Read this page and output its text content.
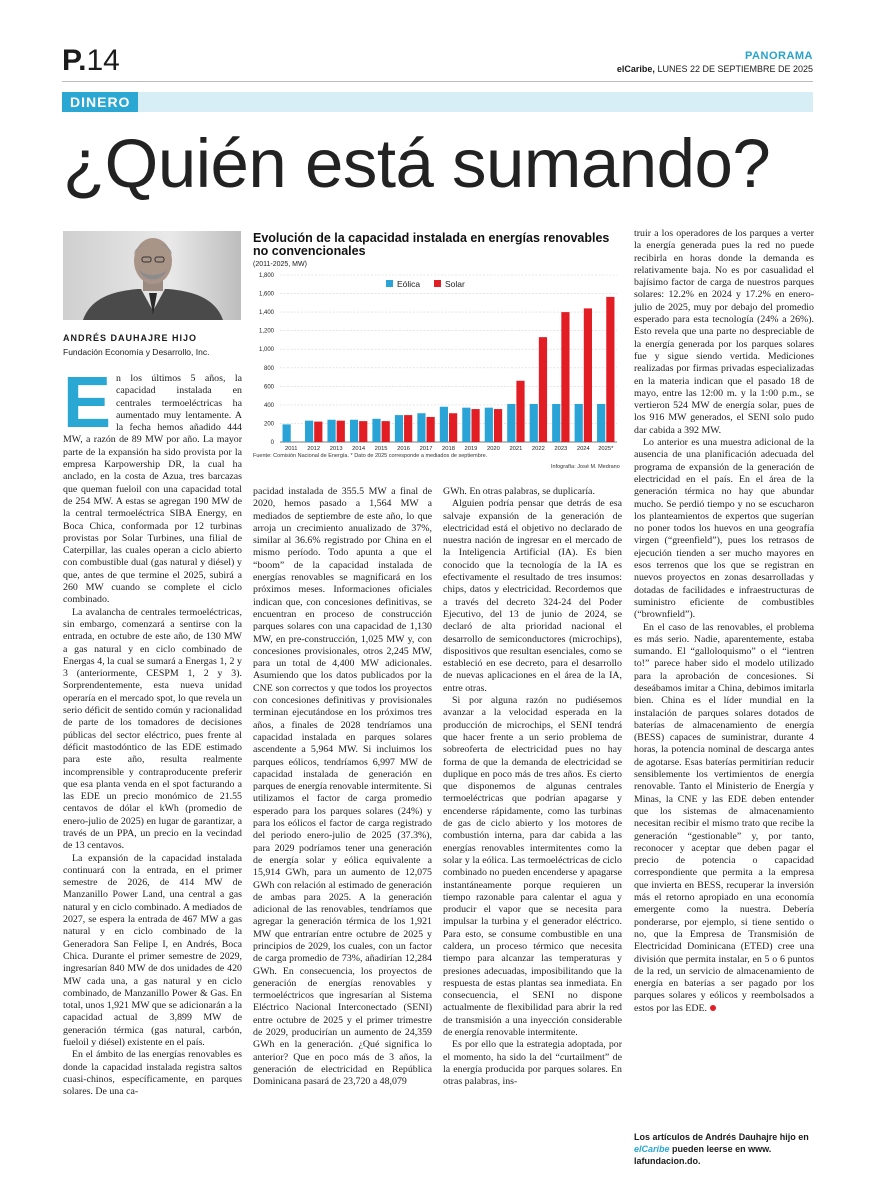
P.14	PANORAMA
elCaribe, LUNES 22 DE SEPTIEMBRE DE 2025
DINERO
¿Quién está sumando?
ANDRÉS DAUHAJRE HIJO
Fundación Economía y Desarrollo, Inc.
E n los últimos 5 años, la capacidad instalada en centrales termoeléctricas ha aumentado muy lentamente. A la fecha hemos añadido 444 MW, a razón de 89 MW por año. La mayor parte de la expansión ha sido provista por la empresa Karpowership DR, la cual ha anclado, en la costa de Azua, tres barcazas que queman fueloil con una capacidad total de 254 MW. A estas se agregan 190 MW de la central termoeléctrica SIBA Energy, en Boca Chica, conformada por 12 turbinas provistas por Solar Turbines, una filial de Caterpillar, las cuales operan a ciclo abierto con combustible dual (gas natural y diésel) y que, antes de que termine el 2025, subirá a 260 MW cuando se complete el ciclo combinado.

La avalancha de centrales termoeléctricas, sin embargo, comenzará a sentirse con la entrada, en octubre de este año, de 130 MW a gas natural y en ciclo combinado de Energas 4, la cual se sumará a Energas 1, 2 y 3 (anteriormente, CESPM 1, 2 y 3). Sorprendentemente, esta nueva unidad operaría en el mercado spot, lo que revela un serio déficit de sentido común y racionalidad de parte de los tomadores de decisiones públicas del sector eléctrico, pues frente al déficit mastodóntico de las EDE estimado para este año, resulta realmente incomprensible y contraproducente preferir que esa planta venda en el spot facturando a las EDE un precio monómico de 21.55 centavos de dólar el kWh (promedio de enero-julio de 2025) en lugar de garantizar, a través de un PPA, un precio en la vecindad de 13 centavos.

La expansión de la capacidad instalada continuará con la entrada, en el primer semestre de 2026, de 414 MW de Manzanillo Power Land, una central a gas natural y en ciclo combinado. A mediados de 2027, se espera la entrada de 467 MW a gas natural y en ciclo combinado de la Generadora San Felipe I, en Andrés, Boca Chica. Durante el primer semestre de 2029, ingresarían 840 MW de dos unidades de 420 MW cada una, a gas natural y en ciclo combinado, de Manzanillo Power & Gas. En total, unos 1,921 MW que se adicionarán a la capacidad actual de 3,899 MW de generación térmica (gas natural, carbón, fueloil y diésel) existente en el país.

En el ámbito de las energías renovables es donde la capacidad instalada registra saltos cuasi-chinos, específicamente, en parques solares. De una ca-

Evolución de la capacidad instalada en energías renovables no convencionales
(2011-2025, MW)
0
200
400
600
800
1,000
1,200
1,400
1,600
1,800
2011 2012 2013 2014 2015 2016 2017 2018 2019 2020 2021 2022 2023 2024 2025*
Eólica	Solar
Fuente: Comisión Nacional de Energía. * Dato de 2025 corresponde a mediados de septiembre.
Infografía: José M. Medrano

pacidad instalada de 355.5 MW a final de 2020, hemos pasado a 1,564 MW a mediados de septiembre de este año, lo que arroja un crecimiento anualizado de 37%, similar al 36.6% registrado por China en el mismo período. Todo apunta a que el “boom” de la capacidad instalada de energías renovables se magnificará en los próximos meses. Informaciones oficiales indican que, con concesiones definitivas, se encuentran en proceso de construcción parques solares con una capacidad de 1,130 MW, en pre-construcción, 1,025 MW y, con concesiones provisionales, otros 2,245 MW, para un total de 4,400 MW adicionales. Asumiendo que los datos publicados por la CNE son correctos y que todos los proyectos con concesiones definitivas y provisionales terminan ejecutándose en los próximos tres años, a finales de 2028 tendríamos una capacidad instalada en parques solares ascendente a 5,964 MW. Si incluimos los parques eólicos, tendríamos 6,997 MW de capacidad instalada de generación en parques de energía renovable intermitente. Si utilizamos el factor de carga promedio esperado para los parques solares (24%) y para los eólicos el factor de carga registrado del periodo enero-julio de 2025 (37.3%), para 2029 podríamos tener una generación de energía solar y eólica equivalente a 15,914 GWh, para un aumento de 12,075 GWh con relación al estimado de generación de ambas para 2025. A la generación adicional de las renovables, tendríamos que agregar la generación térmica de los 1,921 MW que entrarían entre octubre de 2025 y principios de 2029, los cuales, con un factor de carga promedio de 73%, añadirían 12,284 GWh. En consecuencia, los proyectos de generación de energías renovables y termoeléctricos que ingresarían al Sistema Eléctrico Nacional Interconectado (SENI) entre octubre de 2025 y el primer trimestre de 2029, producirían un aumento de 24,359 GWh en la generación. ¿Qué significa lo anterior? Que en poco más de 3 años, la generación de electricidad en República Dominicana pasará de 23,720 a 48,079

GWh. En otras palabras, se duplicaría.

Alguien podría pensar que detrás de esa salvaje expansión de la generación de electricidad está el objetivo no declarado de nuestra nación de ingresar en el mercado de la Inteligencia Artificial (IA). Es bien conocido que la tecnología de la IA es efectivamente el resultado de tres insumos: chips, datos y electricidad. Recordemos que a través del decreto 324-24 del Poder Ejecutivo, del 13 de junio de 2024, se declaró de alta prioridad nacional el desarrollo de semiconductores (microchips), dispositivos que resultan esenciales, como se estableció en ese decreto, para el desarrollo de nuevas aplicaciones en el área de la IA, entre otras.

Si por alguna razón no pudiésemos avanzar a la velocidad esperada en la producción de microchips, el SENI tendrá que hacer frente a un serio problema de sobreoferta de electricidad pues no hay forma de que la demanda de electricidad se duplique en poco más de tres años. Es cierto que disponemos de algunas centrales termoeléctricas que podrían apagarse y encenderse rápidamente, como las turbinas de gas de ciclo abierto y los motores de combustión interna, para dar cabida a las energías renovables intermitentes como la solar y la eólica. Las termoeléctricas de ciclo combinado no pueden encenderse y apagarse instantáneamente porque requieren un tiempo razonable para calentar el agua y producir el vapor que se necesita para impulsar la turbina y el generador eléctrico. Para esto, se consume combustible en una caldera, un proceso térmico que necesita tiempo para alcanzar las temperaturas y presiones adecuadas, imposibilitando que la respuesta de estas plantas sea inmediata. En consecuencia, el SENI no dispone actualmente de flexibilidad para abrir la red de transmisión a una inyección considerable de energía renovable intermitente.

Es por ello que la estrategia adoptada, por el momento, ha sido la del “curtailment” de la energía producida por parques solares. En otras palabras, ins-

truir a los operadores de los parques a verter la energía generada pues la red no puede recibirla en horas donde la demanda es relativamente baja. No es por casualidad el bajísimo factor de carga de nuestros parques solares: 12.2% en 2024 y 17.2% en enero-julio de 2025, muy por debajo del promedio esperado para esta tecnología (24% a 26%). Esto revela que una parte no despreciable de la energía generada por los parques solares fue y sigue siendo vertida. Mediciones realizadas por firmas privadas especializadas en la materia indican que el pasado 18 de mayo, entre las 12:00 m. y la 1:00 p.m., se vertieron 524 MW de energía solar, pues de los 916 MW generados, el SENI solo pudo dar cabida a 392 MW.

Lo anterior es una muestra adicional de la ausencia de una planificación adecuada del programa de expansión de la generación de electricidad en el país. En el área de la generación térmica no hay que abundar mucho. Se perdió tiempo y no se escucharon los planteamientos de expertos que sugerían no poner todos los huevos en una geografía virgen (“greenfield”), pues los retrasos de ejecución tienden a ser mucho mayores en esos terrenos que los que se registran en nuevos proyectos en zonas desarrolladas y dotadas de facilidades e infraestructuras de suministro eficiente de combustibles (“brownfield”).

En el caso de las renovables, el problema es más serio. Nadie, aparentemente, estaba sumando. El “galloloquismo” o el “ientren to!” parece haber sido el modelo utilizado para la aprobación de concesiones. Si deseábamos imitar a China, debimos imitarla bien. China es el líder mundial en la instalación de parques solares dotados de baterías de almacenamiento de energía (BESS) capaces de suministrar, durante 4 horas, la potencia nominal de descarga antes de agotarse. Esas baterías permitirían reducir sensiblemente los vertimientos de energía renovable. Tanto el Ministerio de Energía y Minas, la CNE y las EDE deben entender que los sistemas de almacenamiento necesitan recibir el mismo trato que recibe la generación “gestionable” y, por tanto, reconocer y aceptar que deben pagar el precio de potencia o capacidad correspondiente que permita a la empresa que invierta en BESS, recuperar la inversión más el retorno apropiado en una economía emergente como la nuestra. Debería ponderarse, por ejemplo, si tiene sentido o no, que la Empresa de Transmisión de Electricidad Dominicana (ETED) cree una división que permita instalar, en 5 o 6 puntos de la red, un servicio de almacenamiento de energía en baterías a ser pagado por los parques solares y eólicos y reembolsados a estos por las EDE.

Los artículos de Andrés Dauhajre hijo en elCaribe pueden leerse en www. lafundacion.do.
